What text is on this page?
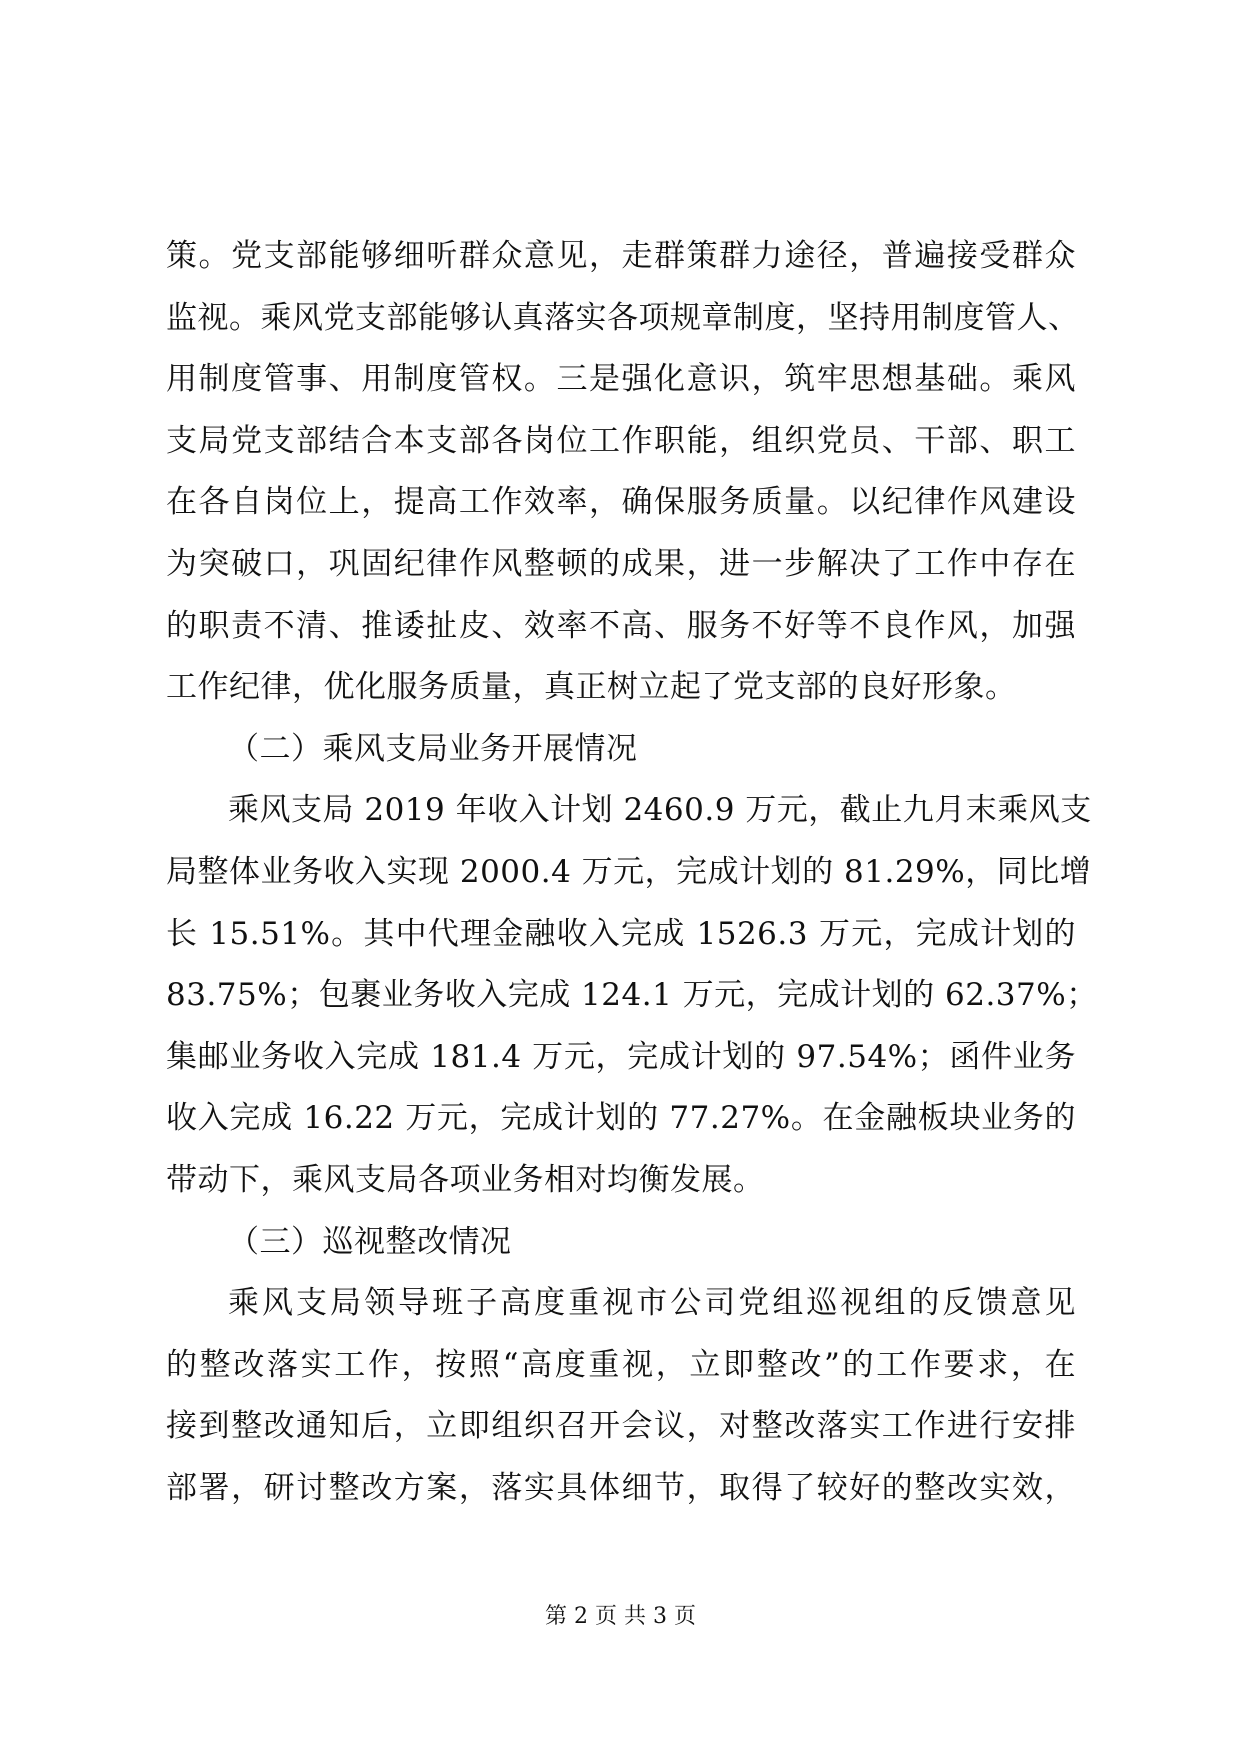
策。党支部能够细听群众意见，走群策群力途径，普遍接受群众
监视。乘风党支部能够认真落实各项规章制度，坚持用制度管人、
用制度管事、用制度管权。三是强化意识，筑牢思想基础。乘风
支局党支部结合本支部各岗位工作职能，组织党员、干部、职工
在各自岗位上，提高工作效率，确保服务质量。以纪律作风建设
为突破口，巩固纪律作风整顿的成果，进一步解决了工作中存在
的职责不清、推诿扯皮、效率不高、服务不好等不良作风，加强
工作纪律，优化服务质量，真正树立起了党支部的良好形象。
（二）乘风支局业务开展情况
乘风支局 2019 年收入计划 2460.9 万元，截止九月末乘风支
局整体业务收入实现 2000.4 万元，完成计划的 81.29%，同比增
长 15.51%。其中代理金融收入完成 1526.3 万元，完成计划的
83.75%；包裹业务收入完成 124.1 万元，完成计划的 62.37%；
集邮业务收入完成 181.4 万元，完成计划的 97.54%；函件业务
收入完成 16.22 万元，完成计划的 77.27%。在金融板块业务的
带动下，乘风支局各项业务相对均衡发展。
（三）巡视整改情况
乘风支局领导班子高度重视市公司党组巡视组的反馈意见
的整改落实工作，按照“高度重视，立即整改”的工作要求，在
接到整改通知后，立即组织召开会议，对整改落实工作进行安排
部署，研讨整改方案，落实具体细节，取得了较好的整改实效，
第 2 页 共 3 页
